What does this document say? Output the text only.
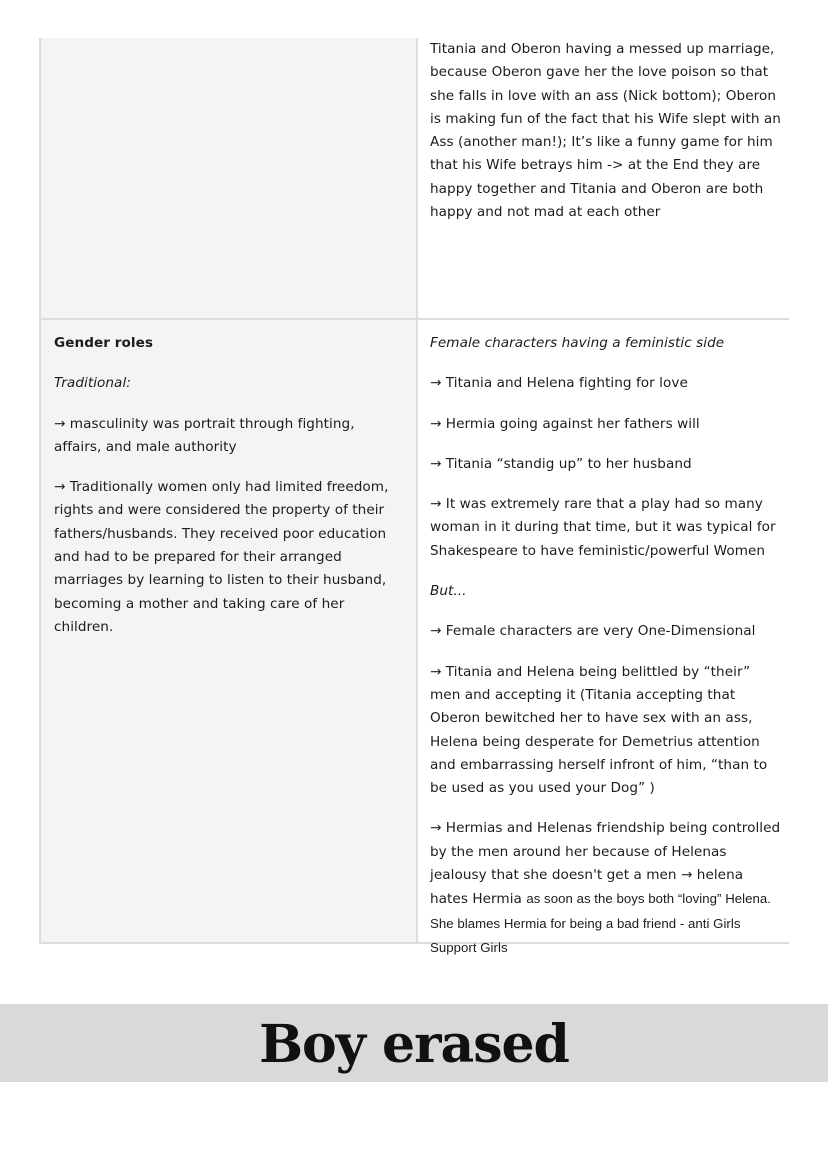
Titania and Oberon having a messed up marriage, because Oberon gave her the love poison so that she falls in love with an ass (Nick bottom); Oberon is making fun of the fact that his Wife slept with an Ass (another man!); It’s like a funny game for him that his Wife betrays him -> at the End they are happy together and Titania and Oberon are both happy and not mad at each other

Gender roles
Traditional:
→ masculinity was portrait through fighting, affairs, and male authority
→ Traditionally women only had limited freedom, rights and were considered the property of their fathers/husbands. They received poor education and had to be prepared for their arranged marriages by learning to listen to their husband, becoming a mother and taking care of her children.
Female characters having a feministic side
→ Titania and Helena fighting for love
→ Hermia going against her fathers will
→ Titania “standig up” to her husband
→ It was extremely rare that a play had so many woman in it during that time, but it was typical for Shakespeare to have feministic/powerful Women
But...
→ Female characters are very One-Dimensional
→ Titania and Helena being belittled by “their” men and accepting it (Titania accepting that Oberon bewitched her to have sex with an ass, Helena being desperate for Demetrius attention and embarrassing herself infront of him, “than to be used as you used your Dog” )
→ Hermias and Helenas friendship being controlled by the men around her because of Helenas jealousy that she doesn't get a men → helena hates Hermia as soon as the boys both “loving” Helena. She blames Hermia for being a bad friend - anti Girls Support Girls
Boy erased
